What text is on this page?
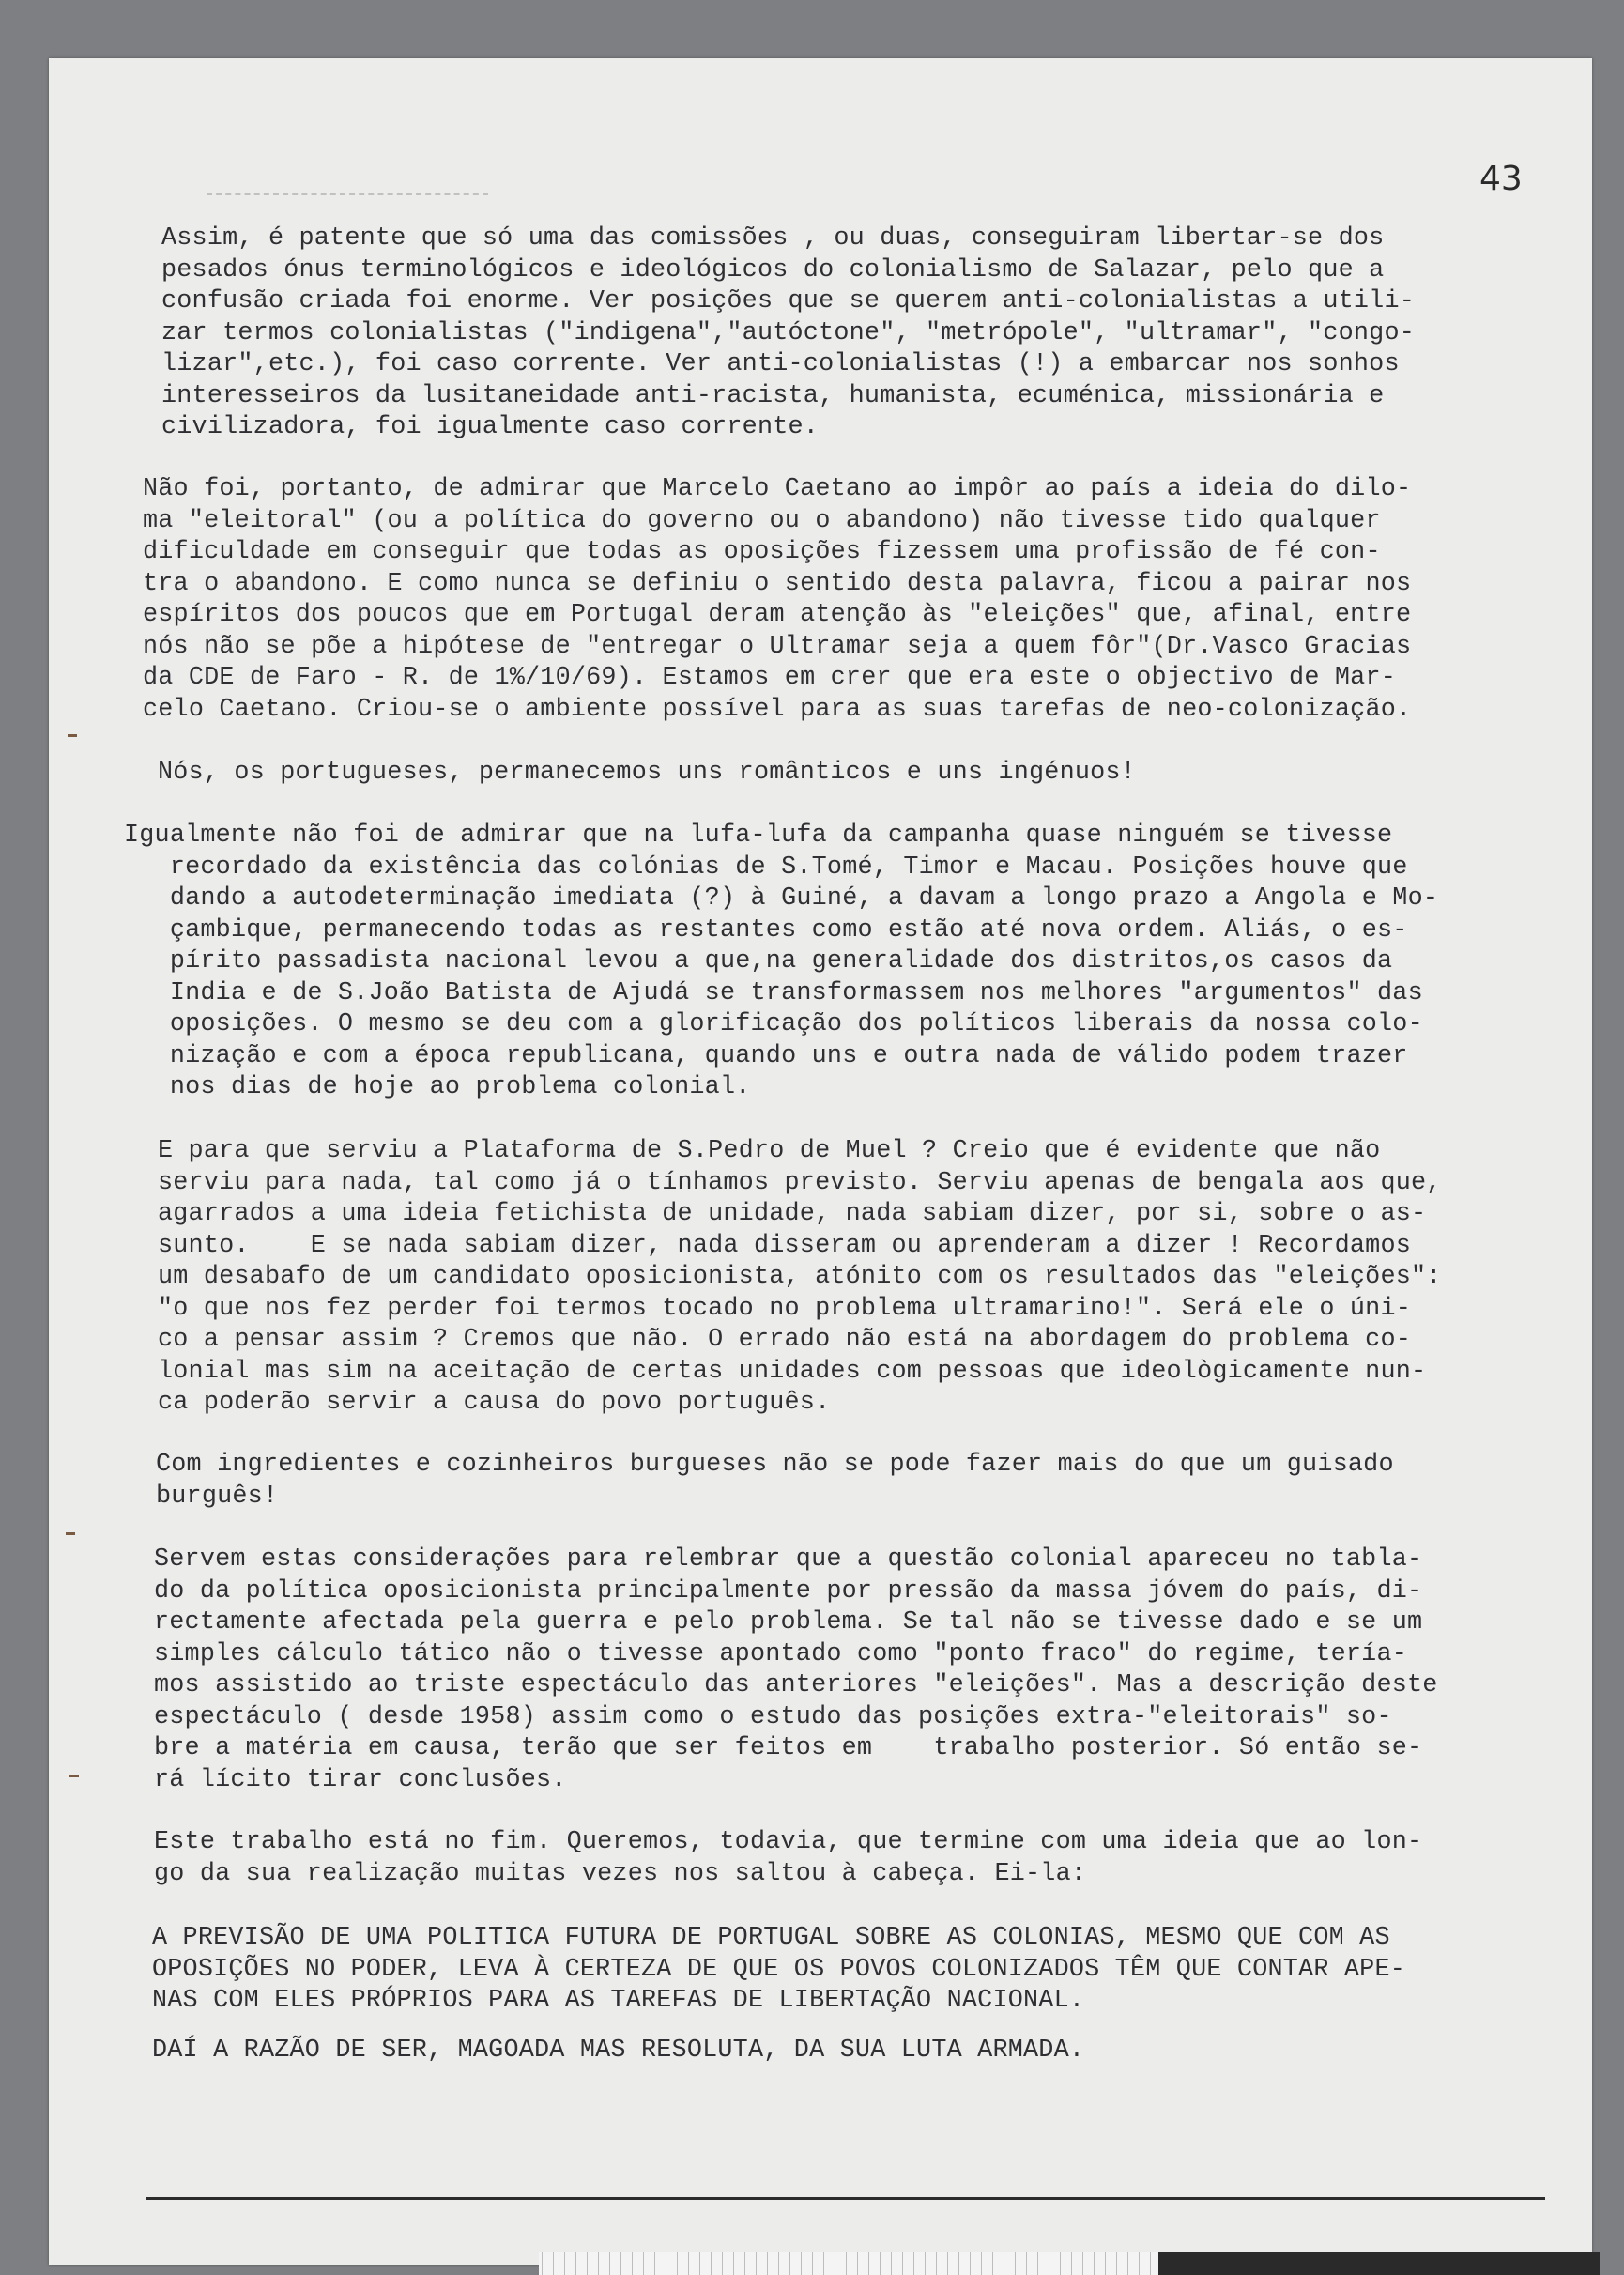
43
Assim, é patente que só uma das comissões , ou duas, conseguiram libertar-se dos
pesados ónus terminológicos e ideológicos do colonialismo de Salazar, pelo que a
confusão criada foi enorme. Ver posições que se querem anti-colonialistas a utili-
zar termos colonialistas ("indigena","autóctone", "metrópole", "ultramar", "congo-
lizar",etc.), foi caso corrente. Ver anti-colonialistas (!) a embarcar nos sonhos
interesseiros da lusitaneidade anti-racista, humanista, ecuménica, missionária e
civilizadora, foi igualmente caso corrente.
Não foi, portanto, de admirar que Marcelo Caetano ao impôr ao país a ideia do dilo-
ma "eleitoral" (ou a política do governo ou o abandono) não tivesse tido qualquer
dificuldade em conseguir que todas as oposições fizessem uma profissão de fé con-
tra o abandono. E como nunca se definiu o sentido desta palavra, ficou a pairar nos
espíritos dos poucos que em Portugal deram atenção às "eleições" que, afinal, entre
nós não se põe a hipótese de "entregar o Ultramar seja a quem fôr"(Dr.Vasco Gracias
da CDE de Faro - R. de 1%/10/69). Estamos em crer que era este o objectivo de Mar-
celo Caetano. Criou-se o ambiente possível para as suas tarefas de neo-colonização.
Nós, os portugueses, permanecemos uns românticos e uns ingénuos!
Igualmente não foi de admirar que na lufa-lufa da campanha quase ninguém se tivesse
recordado da existência das colónias de S.Tomé, Timor e Macau. Posições houve que
dando a autodeterminação imediata (?) à Guiné, a davam a longo prazo a Angola e Mo-
çambique, permanecendo todas as restantes como estão até nova ordem. Aliás, o es-
pírito passadista nacional levou a que,na generalidade dos distritos,os casos da
India e de S.João Batista de Ajudá se transformassem nos melhores "argumentos" das
oposições. O mesmo se deu com a glorificação dos políticos liberais da nossa colo-
nização e com a época republicana, quando uns e outra nada de válido podem trazer
nos dias de hoje ao problema colonial.
E para que serviu a Plataforma de S.Pedro de Muel ? Creio que é evidente que não
serviu para nada, tal como já o tínhamos previsto. Serviu apenas de bengala aos que,
agarrados a uma ideia fetichista de unidade, nada sabiam dizer, por si, sobre o as-
sunto.    E se nada sabiam dizer, nada disseram ou aprenderam a dizer ! Recordamos
um desabafo de um candidato oposicionista, atónito com os resultados das "eleições":
"o que nos fez perder foi termos tocado no problema ultramarino!". Será ele o úni-
co a pensar assim ? Cremos que não. O errado não está na abordagem do problema co-
lonial mas sim na aceitação de certas unidades com pessoas que ideològicamente nun-
ca poderão servir a causa do povo português.
Com ingredientes e cozinheiros burgueses não se pode fazer mais do que um guisado
burguês!
Servem estas considerações para relembrar que a questão colonial apareceu no tabla-
do da política oposicionista principalmente por pressão da massa jóvem do país, di-
rectamente afectada pela guerra e pelo problema. Se tal não se tivesse dado e se um
simples cálculo tático não o tivesse apontado como "ponto fraco" do regime, tería-
mos assistido ao triste espectáculo das anteriores "eleições". Mas a descrição deste
espectáculo ( desde 1958) assim como o estudo das posições extra-"eleitorais" so-
bre a matéria em causa, terão que ser feitos em    trabalho posterior. Só então se-
rá lícito tirar conclusões.
Este trabalho está no fim. Queremos, todavia, que termine com uma ideia que ao lon-
go da sua realização muitas vezes nos saltou à cabeça. Ei-la:
A PREVISÃO DE UMA POLITICA FUTURA DE PORTUGAL SOBRE AS COLONIAS, MESMO QUE COM AS
OPOSIÇÕES NO PODER, LEVA À CERTEZA DE QUE OS POVOS COLONIZADOS TÊM QUE CONTAR APE-
NAS COM ELES PRÓPRIOS PARA AS TAREFAS DE LIBERTAÇÃO NACIONAL.
DAÍ A RAZÃO DE SER, MAGOADA MAS RESOLUTA, DA SUA LUTA ARMADA.
